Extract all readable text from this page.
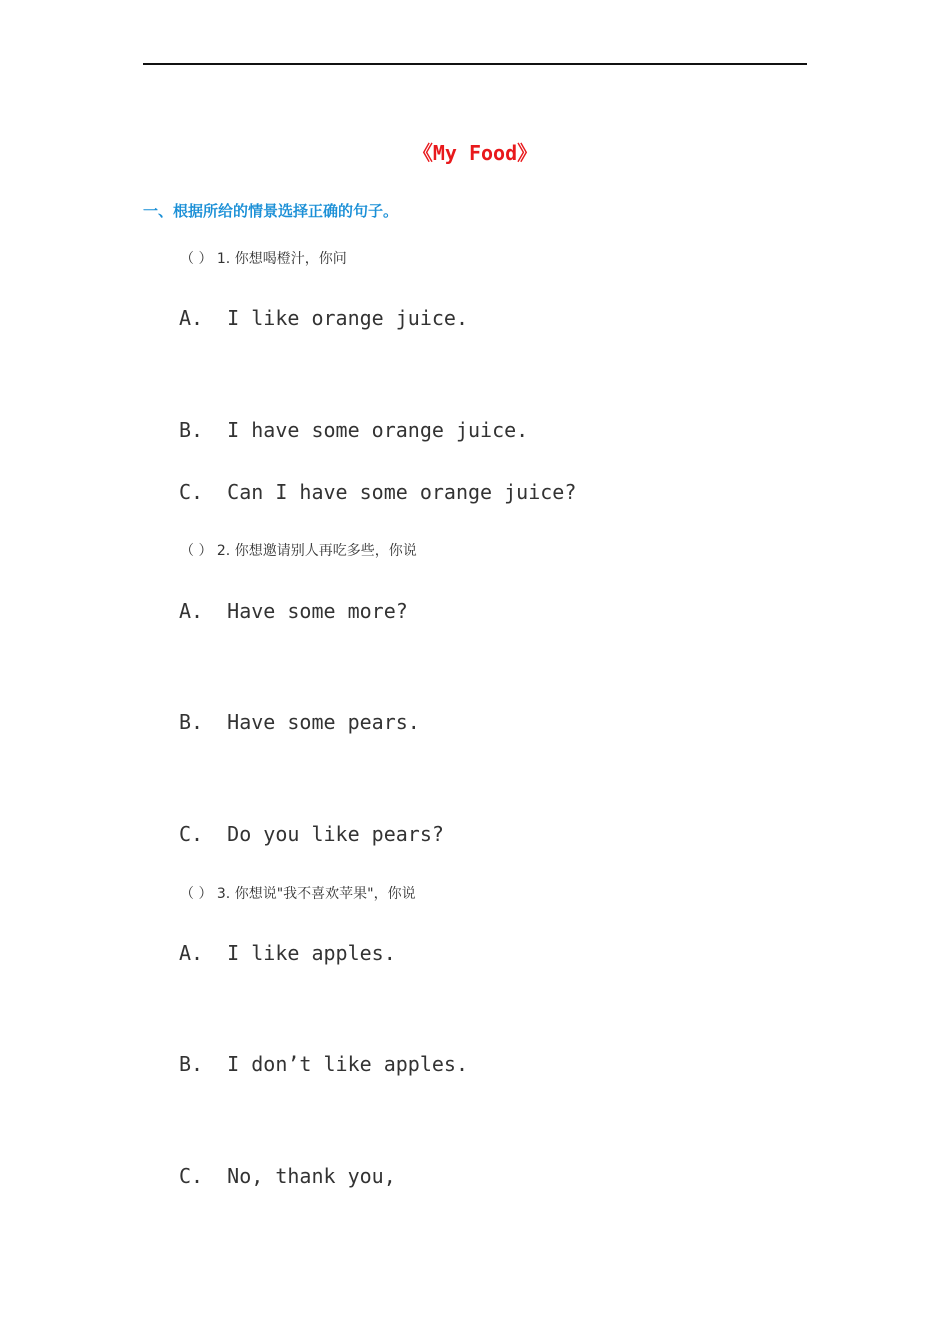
《My Food》
一、根据所给的情景选择正确的句子。
（ ） 1. 你想喝橙汁，你问
A.  I like orange juice.
B.  I have some orange juice.
C.  Can I have some orange juice?
（ ） 2. 你想邀请别人再吃多些，你说
A.  Have some more?
B.  Have some pears.
C.  Do you like pears?
（ ） 3. 你想说"我不喜欢苹果"，你说
A.  I like apples.
B.  I don’t like apples.
C.  No, thank you,
